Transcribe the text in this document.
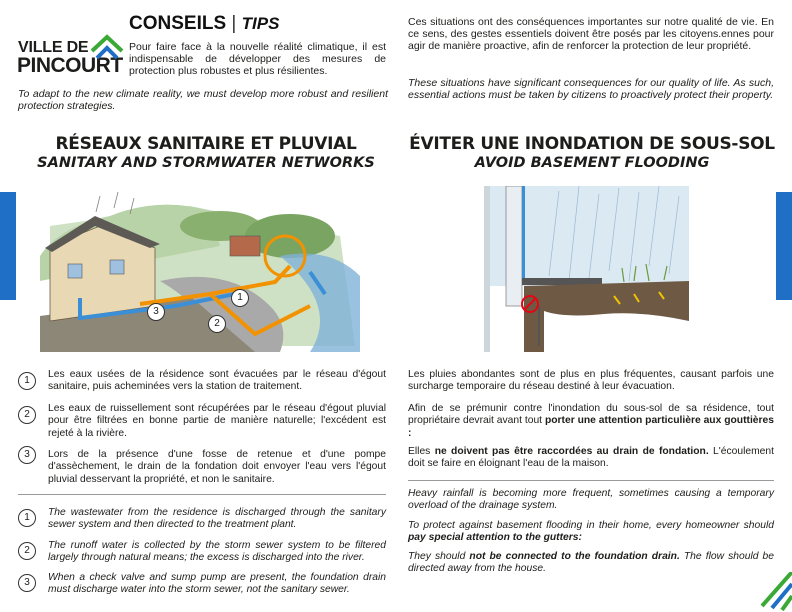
VILLE DE
PINCOURT
CONSEILS | TIPS

Pour faire face à la nouvelle réalité climatique, il est indispensable de développer des mesures de protection plus robustes et plus résilientes.

To adapt to the new climate reality, we must develop more robust and resilient protection strategies.

Ces situations ont des conséquences importantes sur notre qualité de vie. En ce sens, des gestes essentiels doivent être posés par les citoyens.ennes pour agir de manière proactive, afin de renforcer la protection de leur propriété.

These situations have significant consequences for our quality of life. As such, essential actions must be taken by citizens to proactively protect their property.

RÉSEAUX SANITAIRE ET PLUVIAL
SANITARY AND STORMWATER NETWORKS
ÉVITER UNE INONDATION DE SOUS-SOL
AVOID BASEMENT FLOODING
3
2
1
1
Les eaux usées de la résidence sont évacuées par le réseau d'égout sanitaire, puis acheminées vers la station de traitement.
2
Les eaux de ruissellement sont récupérées par le réseau d'égout pluvial pour être filtrées en bonne partie de manière naturelle; l'excédent est rejeté à la rivière.
3	Lors de la présence d'une fosse de retenue et d'une pompe d'assèchement, le drain de la fondation doit envoyer l'eau vers l'égout pluvial desservant la propriété, et non le sanitaire.
1	The wastewater from the residence is discharged through the sanitary sewer system and then directed to the treatment plant.
2	The runoff water is collected by the storm sewer system to be filtered largely through natural means; the excess is discharged into the river.
3	When a check valve and sump pump are present, the foundation drain must discharge water into the storm sewer, not the sanitary sewer.
Les pluies abondantes sont de plus en plus fréquentes, causant parfois une surcharge temporaire du réseau destiné à leur évacuation.
Afin de se prémunir contre l'inondation du sous-sol de sa résidence, tout propriétaire devrait avant tout porter une attention particulière aux gouttières :
Elles ne doivent pas être raccordées au drain de fondation. L'écoulement doit se faire en éloignant l'eau de la maison.
Heavy rainfall is becoming more frequent, sometimes causing a temporary overload of the drainage system.
To protect against basement flooding in their home, every homeowner should pay special attention to the gutters:
They should not be connected to the foundation drain. The flow should be directed away from the house.
